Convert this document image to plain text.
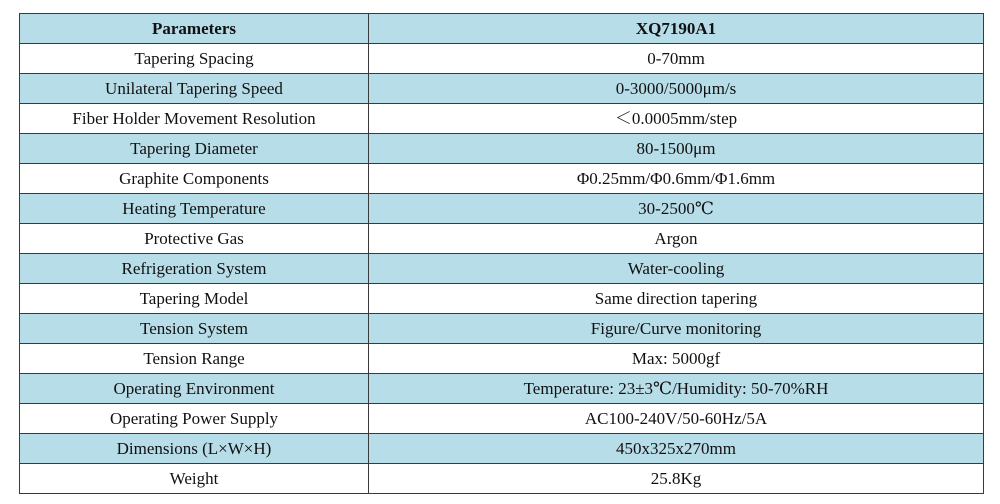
Parameters	XQ7190A1
Tapering Spacing	0-70mm
Unilateral Tapering Speed	0-3000/5000μm/s
Fiber Holder Movement Resolution	＜0.0005mm/step
Tapering Diameter	80-1500μm
Graphite Components	Φ0.25mm/Φ0.6mm/Φ1.6mm
Heating Temperature	30-2500℃
Protective Gas	Argon
Refrigeration System	Water-cooling
Tapering Model	Same direction tapering
Tension System	Figure/Curve monitoring
Tension Range	Max: 5000gf
Operating Environment	Temperature: 23±3℃/Humidity: 50-70%RH
Operating Power Supply	AC100-240V/50-60Hz/5A
Dimensions (L×W×H)	450x325x270mm
Weight	25.8Kg
